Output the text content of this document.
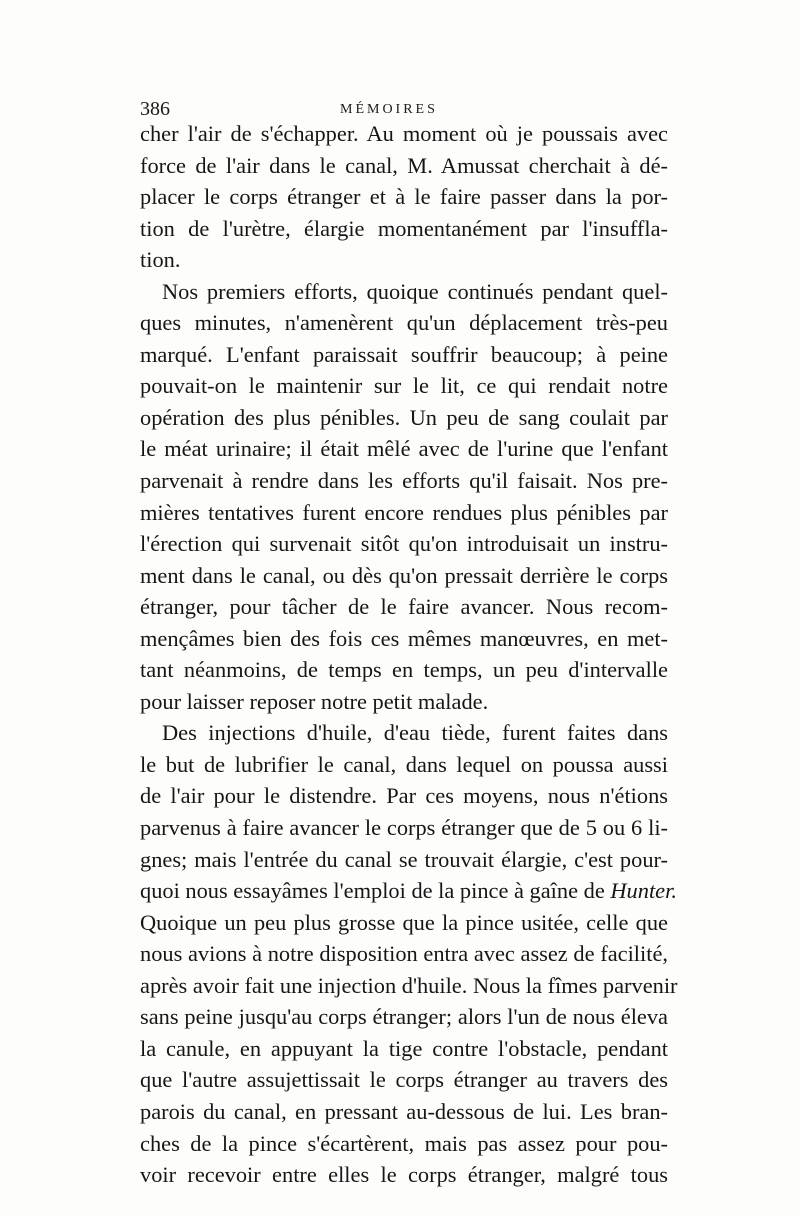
386	MÉMOIRES
cher l'air de s'échapper. Au moment où je poussais avec
force de l'air dans le canal, M. Amussat cherchait à dé-
placer le corps étranger et à le faire passer dans la por-
tion de l'urètre, élargie momentanément par l'insuffla-
tion.
Nos premiers efforts, quoique continués pendant quel-
ques minutes, n'amenèrent qu'un déplacement très-peu
marqué. L'enfant paraissait souffrir beaucoup; à peine
pouvait-on le maintenir sur le lit, ce qui rendait notre
opération des plus pénibles. Un peu de sang coulait par
le méat urinaire; il était mêlé avec de l'urine que l'enfant
parvenait à rendre dans les efforts qu'il faisait. Nos pre-
mières tentatives furent encore rendues plus pénibles par
l'érection qui survenait sitôt qu'on introduisait un instru-
ment dans le canal, ou dès qu'on pressait derrière le corps
étranger, pour tâcher de le faire avancer. Nous recom-
mençâmes bien des fois ces mêmes manœuvres, en met-
tant néanmoins, de temps en temps, un peu d'intervalle
pour laisser reposer notre petit malade.
Des injections d'huile, d'eau tiède, furent faites dans
le but de lubrifier le canal, dans lequel on poussa aussi
de l'air pour le distendre. Par ces moyens, nous n'étions
parvenus à faire avancer le corps étranger que de 5 ou 6 li-
gnes; mais l'entrée du canal se trouvait élargie, c'est pour-
quoi nous essayâmes l'emploi de la pince à gaîne de Hunter.
Quoique un peu plus grosse que la pince usitée, celle que
nous avions à notre disposition entra avec assez de facilité,
après avoir fait une injection d'huile. Nous la fîmes parvenir
sans peine jusqu'au corps étranger; alors l'un de nous éleva
la canule, en appuyant la tige contre l'obstacle, pendant
que l'autre assujettissait le corps étranger au travers des
parois du canal, en pressant au-dessous de lui. Les bran-
ches de la pince s'écartèrent, mais pas assez pour pou-
voir recevoir entre elles le corps étranger, malgré tous
